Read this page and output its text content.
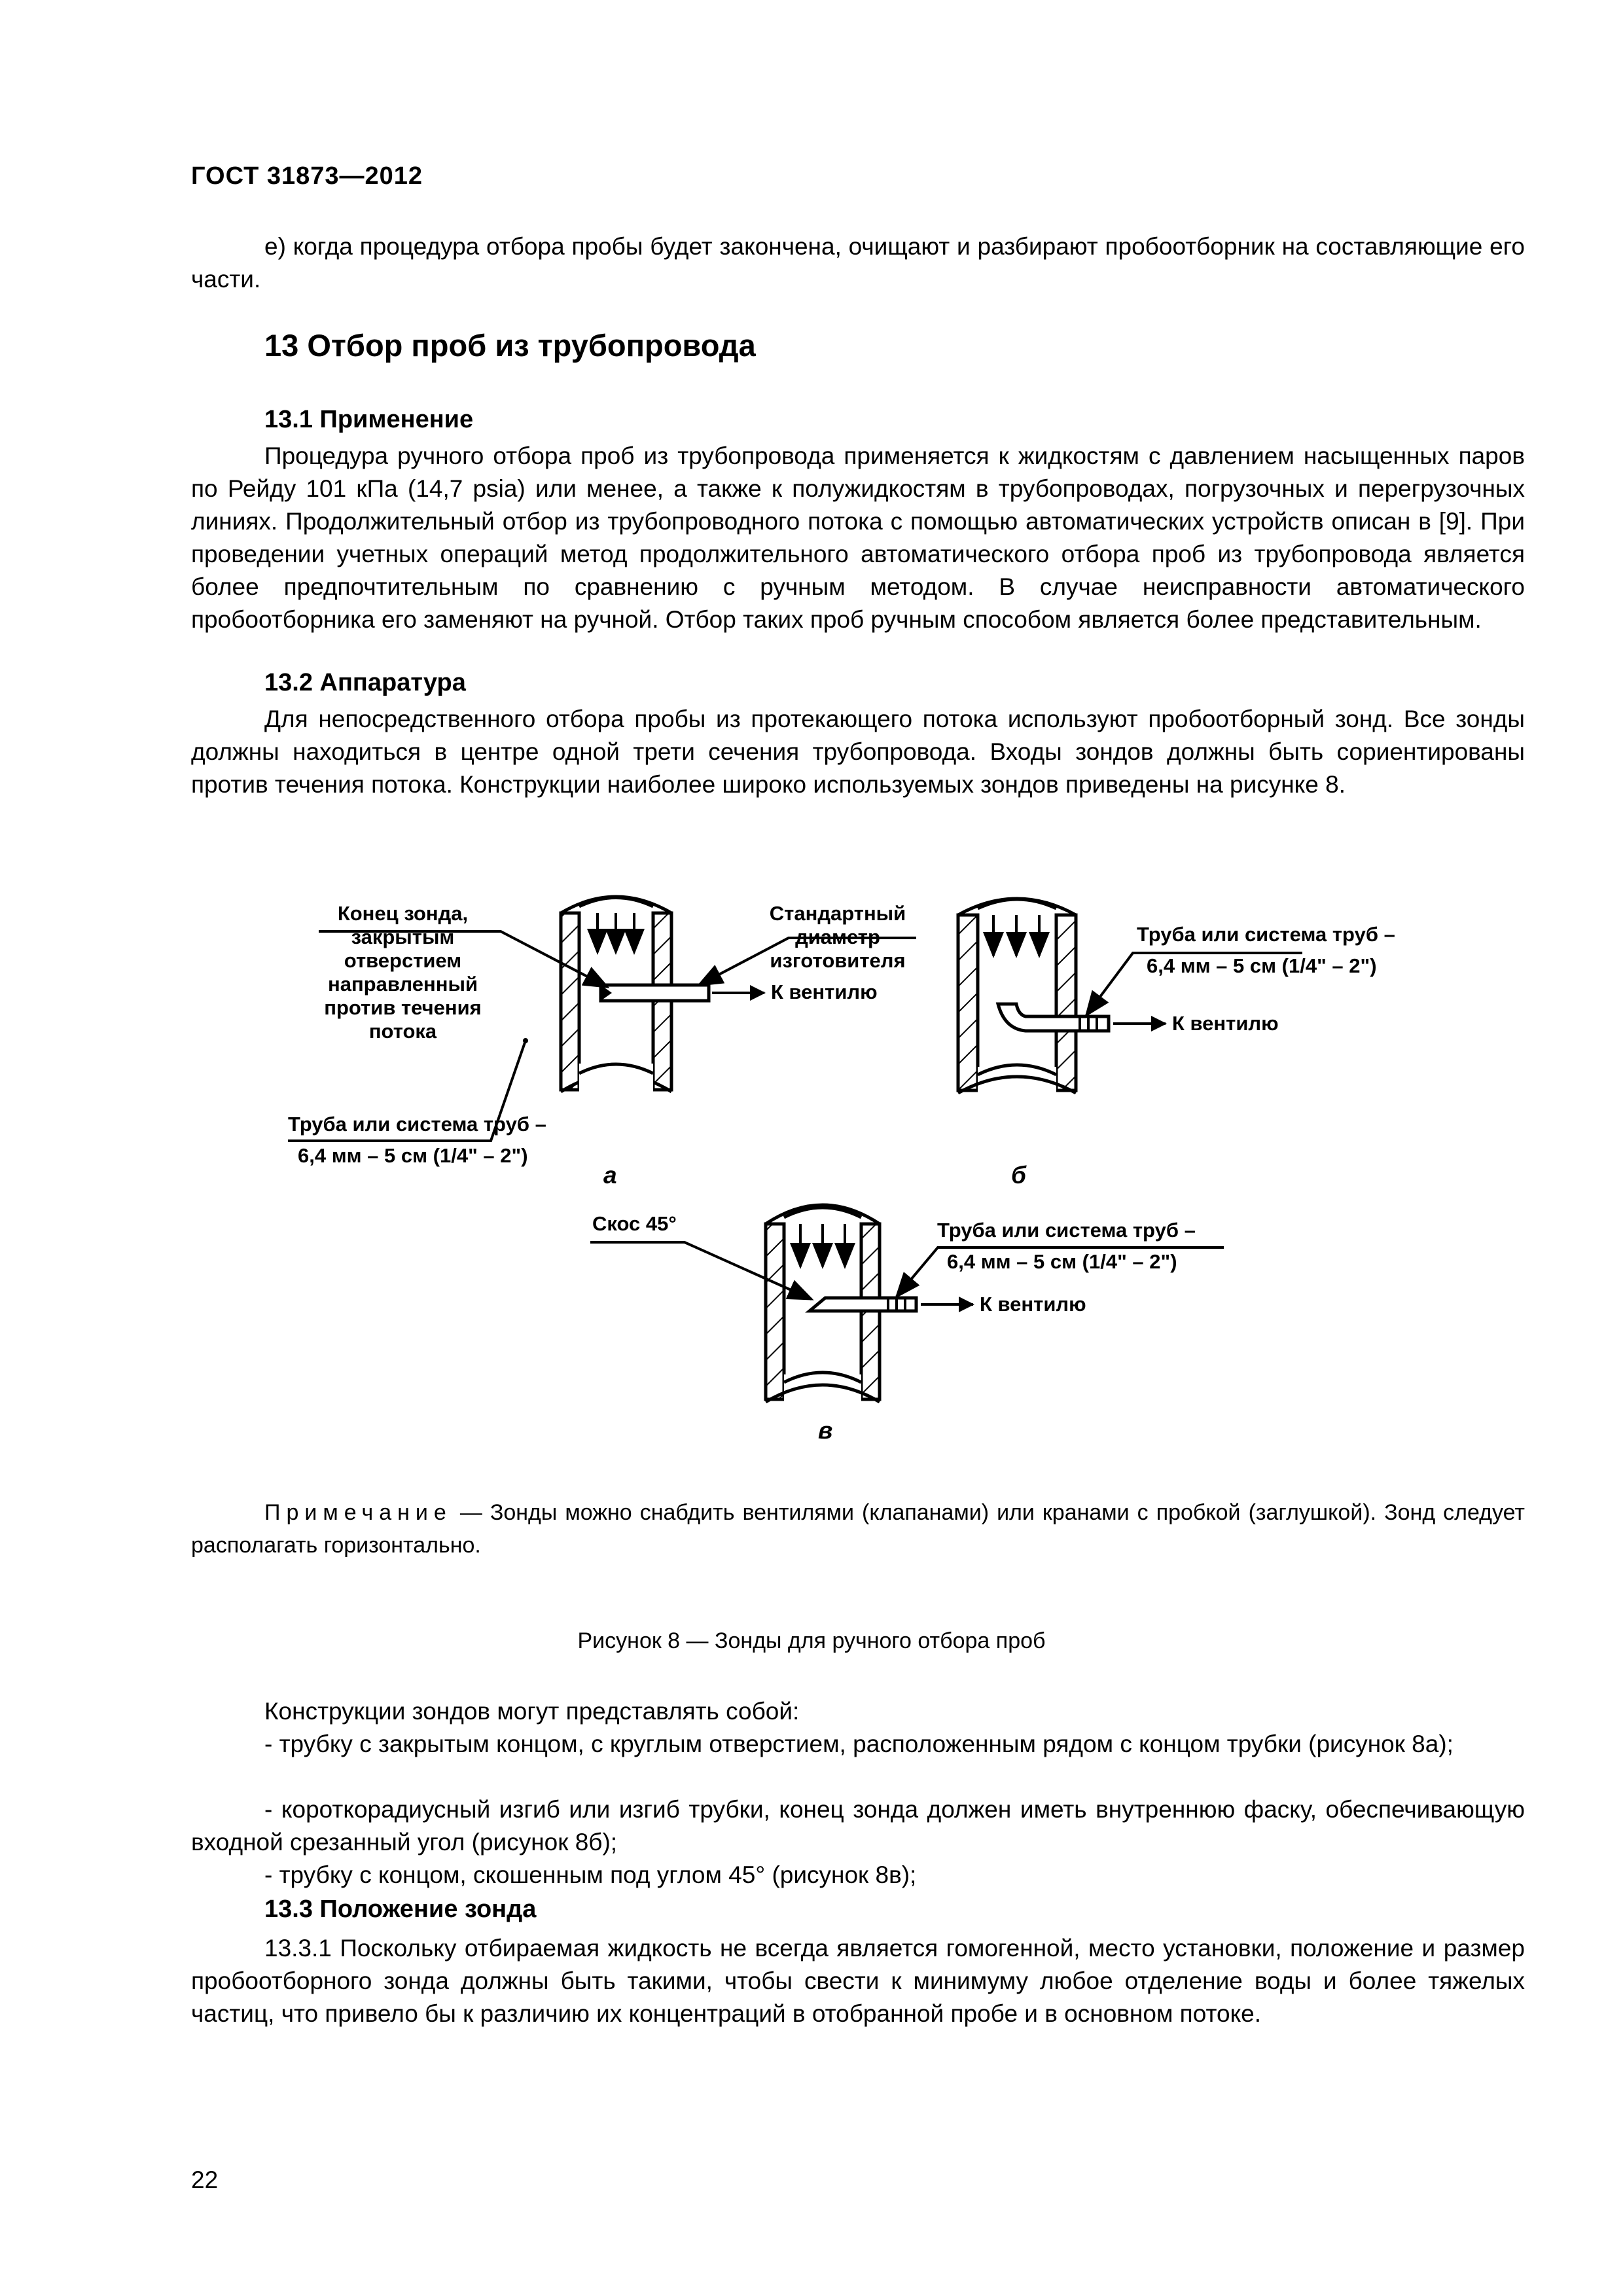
ГОСТ 31873—2012
е) когда процедура отбора пробы будет закончена, очищают и разбирают пробоотборник на составляющие его части.
13 Отбор проб из трубопровода
13.1 Применение
Процедура ручного отбора проб из трубопровода применяется к жидкостям с давлением насыщенных паров по Рейду 101 кПа (14,7 psia) или менее, а также к полужидкостям в трубопроводах, погрузочных и перегрузочных линиях. Продолжительный отбор из трубопроводного потока с помощью автоматических устройств описан в [9]. При проведении учетных операций метод продолжительного автоматического отбора проб из трубопровода является более предпочтительным по сравнению с ручным методом. В случае неисправности автоматического пробоотборника его заменяют на ручной. Отбор таких проб ручным способом является более представительным.
13.2 Аппаратура
Для непосредственного отбора пробы из протекающего потока используют пробоотборный зонд. Все зонды должны находиться в центре одной трети сечения трубопровода. Входы зондов должны быть сориентированы против течения потока. Конструкции наиболее широко используемых зондов приведены на рисунке 8.
Конец зонда,
закрытым
отверстием
направленный
против течения
потока
Стандартный
диаметр
изготовителя
К вентилю
Труба или система труб –
6,4 мм – 5 см (1/4" – 2")
а
Труба или система труб –
6,4 мм – 5 см (1/4" – 2")
К вентилю
б
Скос 45°	Труба или система труб –
6,4 мм – 5 см (1/4" – 2")
К вентилю
в
Примечание — Зонды можно снабдить вентилями (клапанами) или кранами с пробкой (заглушкой). Зонд следует располагать горизонтально.
Рисунок 8 — Зонды для ручного отбора проб
Конструкции зондов могут представлять собой:
- трубку с закрытым концом, с круглым отверстием, расположенным рядом с концом трубки (рисунок 8а);
- короткорадиусный изгиб или изгиб трубки, конец зонда должен иметь внутреннюю фаску, обеспечивающую входной срезанный угол (рисунок 8б);
- трубку с концом, скошенным под углом 45° (рисунок 8в);
13.3 Положение зонда
13.3.1 Поскольку отбираемая жидкость не всегда является гомогенной, место установки, положение и размер пробоотборного зонда должны быть такими, чтобы свести к минимуму любое отделение воды и более тяжелых частиц, что привело бы к различию их концентраций в отобранной пробе и в основном потоке.
22
